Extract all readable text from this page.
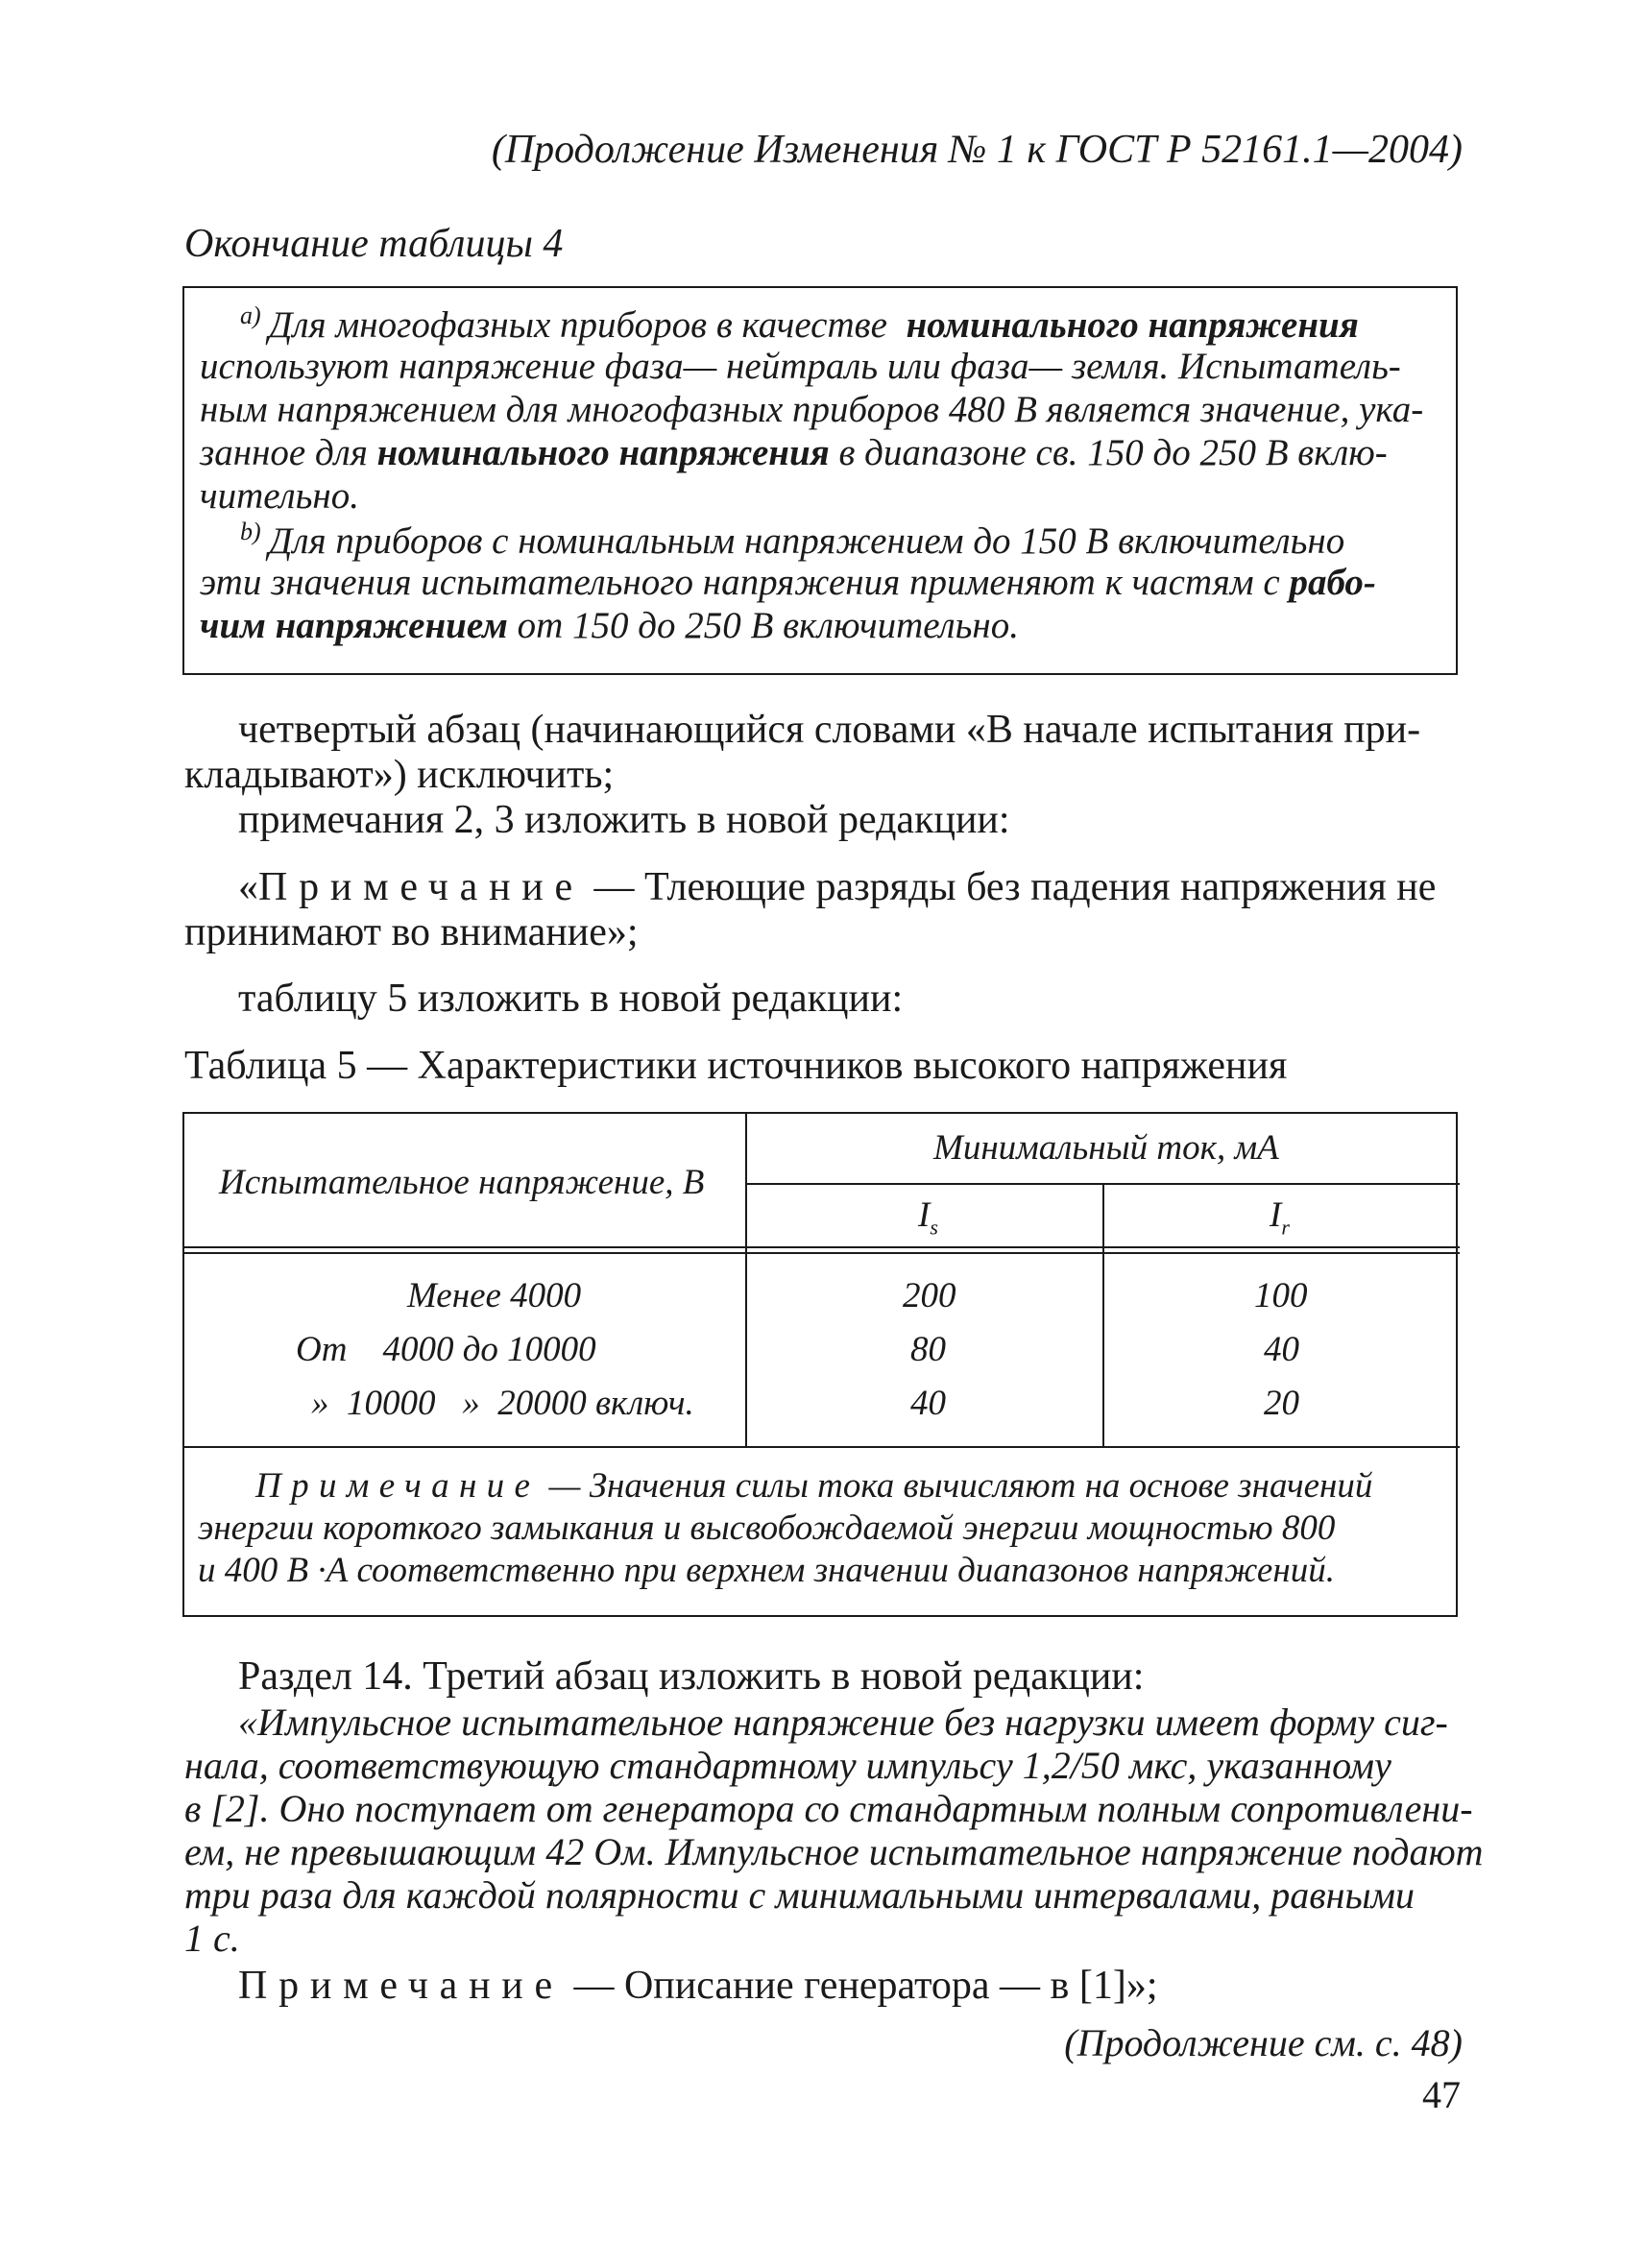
(Продолжение Изменения № 1 к ГОСТ Р 52161.1—2004)
Окончание таблицы 4
$^{a)}$ Для многофазных приборов в качестве номинального напряжения
используют напряжение фаза— нейтраль или фаза— земля. Испытатель-
ным напряжением для многофазных приборов 480 В является значение, ука-
занное для номинального напряжения в диапазоне св. 150 до 250 В вклю-
чительно.
$^{b)}$ Для приборов с номинальным напряжением до 150 В включительно
эти значения испытательного напряжения применяют к частям с рабо-
чим напряжением от 150 до 250 В включительно.
четвертый абзац (начинающийся словами «В начале испытания при-
кладывают») исключить;
примечания 2, 3 изложить в новой редакции:
«Примечание — Тлеющие разряды без падения напряжения не
принимают во внимание»;
таблицу 5 изложить в новой редакции:
Таблица 5 — Характеристики источников высокого напряжения
Испытательное напряжение, В
Минимальный ток, мА
$I_s$	$I_r$
Менее 4000	200	100
От    4000 до 10000	80	40
»  10000   »  20000 включ.	40	20
Примечание — Значения силы тока вычисляют на основе значений
энергии короткого замыкания и высвобождаемой энергии мощностью 800
и 400 В ·А соответственно при верхнем значении диапазонов напряжений.
Раздел 14. Третий абзац изложить в новой редакции:
«Импульсное испытательное напряжение без нагрузки имеет форму сиг-
нала, соответствующую стандартному импульсу 1,2/50 мкс, указанному
в [2]. Оно поступает от генератора со стандартным полным сопротивлени-
ем, не превышающим 42 Ом. Импульсное испытательное напряжение подают
три раза для каждой полярности с минимальными интервалами, равными
1 с.
Примечание — Описание генератора — в [1]»;
(Продолжение см. с. 48)
47
